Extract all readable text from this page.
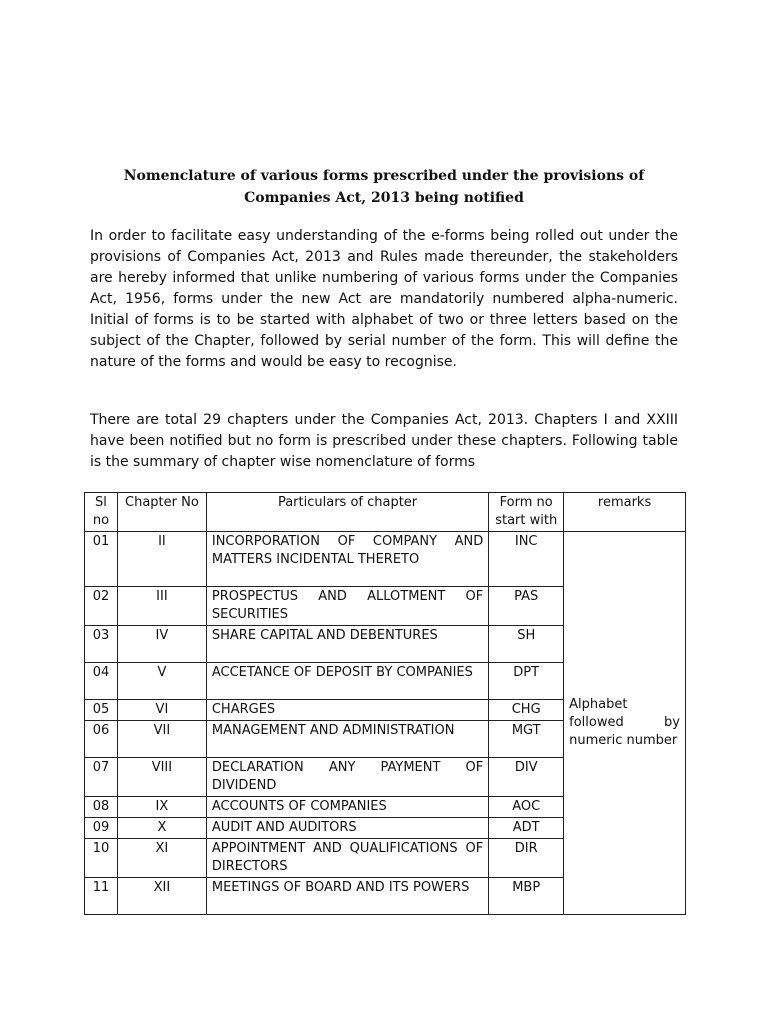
Nomenclature of various forms prescribed under the provisions of
Companies Act, 2013 being notified
In order to facilitate easy understanding of the e-forms being rolled out under the provisions of Companies Act, 2013 and Rules made thereunder, the stakeholders are hereby informed that unlike numbering of various forms under the Companies Act, 1956, forms under the new Act are mandatorily numbered alpha-numeric. Initial of forms is to be started with alphabet of two or three letters based on the subject of the Chapter, followed by serial number of the form. This will define the nature of the forms and would be easy to recognise.
There are total 29 chapters under the Companies Act, 2013. Chapters I and XXIII have been notified but no form is prescribed under these chapters. Following table is the summary of chapter wise nomenclature of forms
Sl no	Chapter No	Particulars of chapter	Form no start with	remarks
01	II	INCORPORATION OF COMPANY AND MATTERS INCIDENTAL THERETO	INC	Alphabet followed by numeric number
02	III	PROSPECTUS AND ALLOTMENT OF SECURITIES	PAS	
03	IV	SHARE CAPITAL AND DEBENTURES	SH	
04	V	ACCETANCE OF DEPOSIT BY COMPANIES	DPT	
05	VI	CHARGES	CHG	
06	VII	MANAGEMENT AND ADMINISTRATION	MGT	
07	VIII	DECLARATION ANY PAYMENT OF DIVIDEND	DIV	
08	IX	ACCOUNTS OF COMPANIES	AOC	
09	X	AUDIT AND AUDITORS	ADT	
10	XI	APPOINTMENT AND QUALIFICATIONS OF DIRECTORS	DIR	
11	XII	MEETINGS OF BOARD AND ITS POWERS	MBP	
